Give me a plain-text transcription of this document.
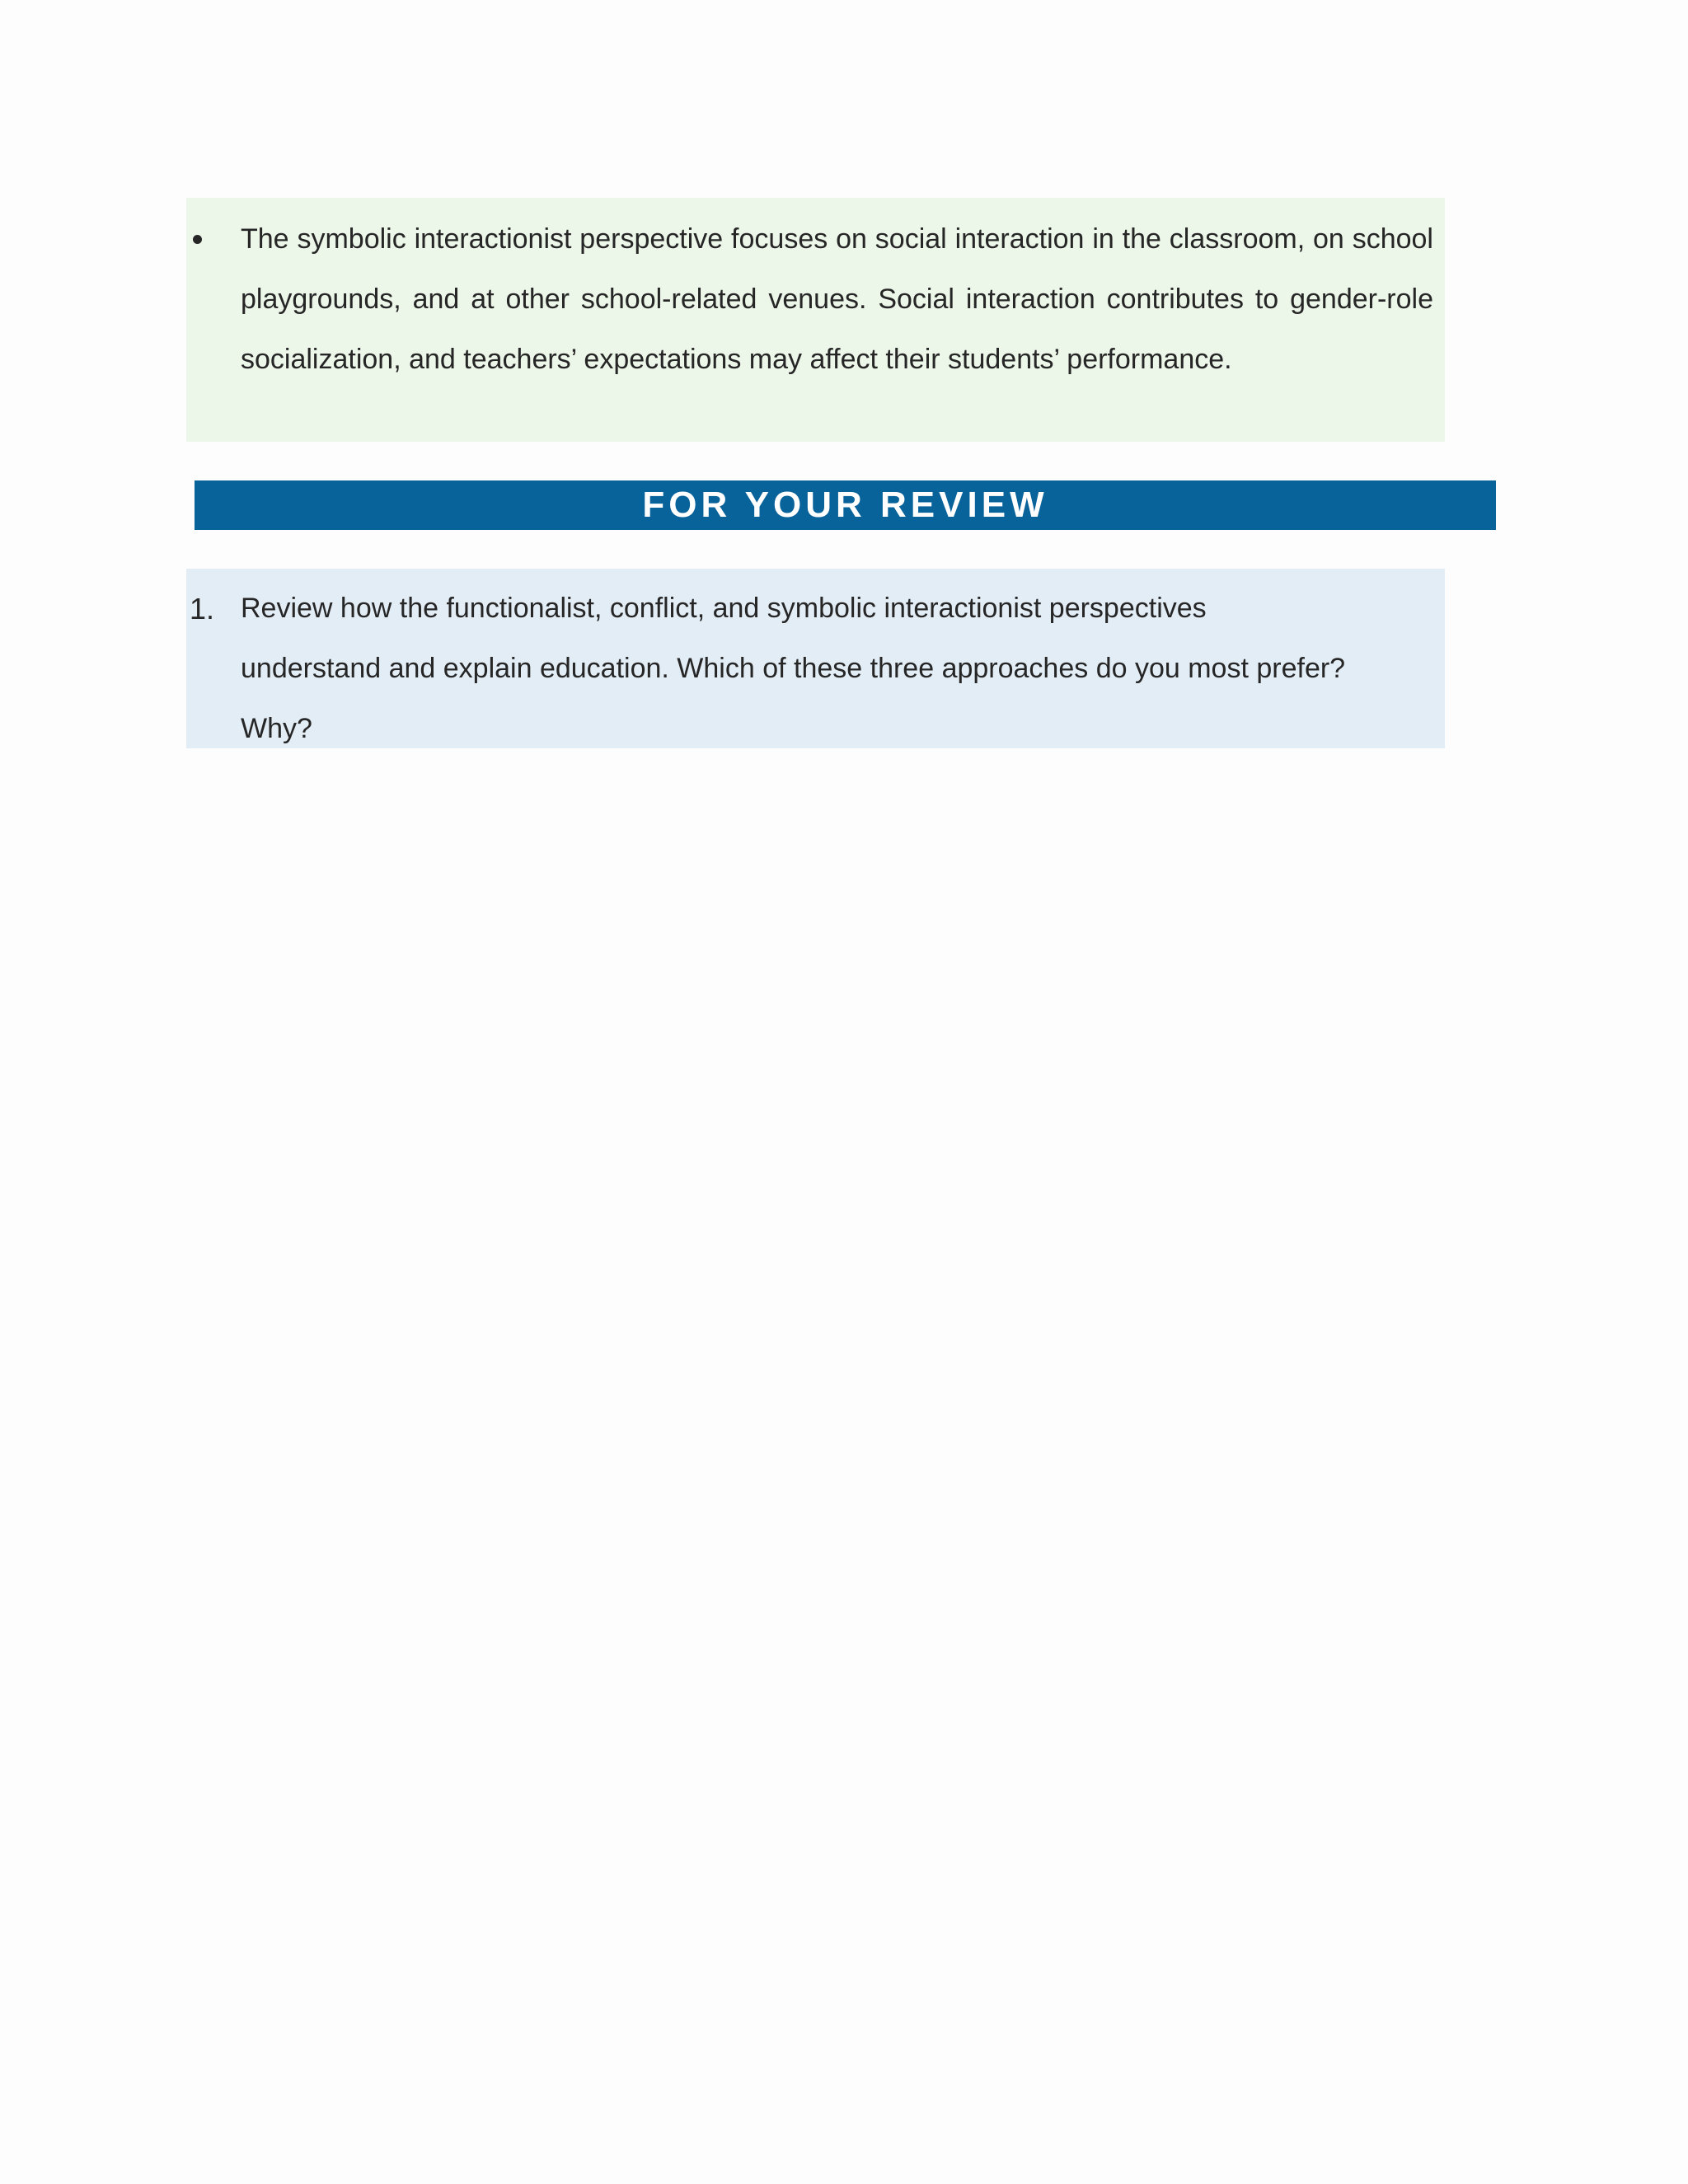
The symbolic interactionist perspective focuses on social interaction in the classroom, on school playgrounds, and at other school-related venues. Social interaction contributes to gender-role socialization, and teachers’ expectations may affect their students’ performance.

FOR YOUR REVIEW
1. Review how the functionalist, conflict, and symbolic interactionist perspectives understand and explain education. Which of these three approaches do you most prefer? Why?
